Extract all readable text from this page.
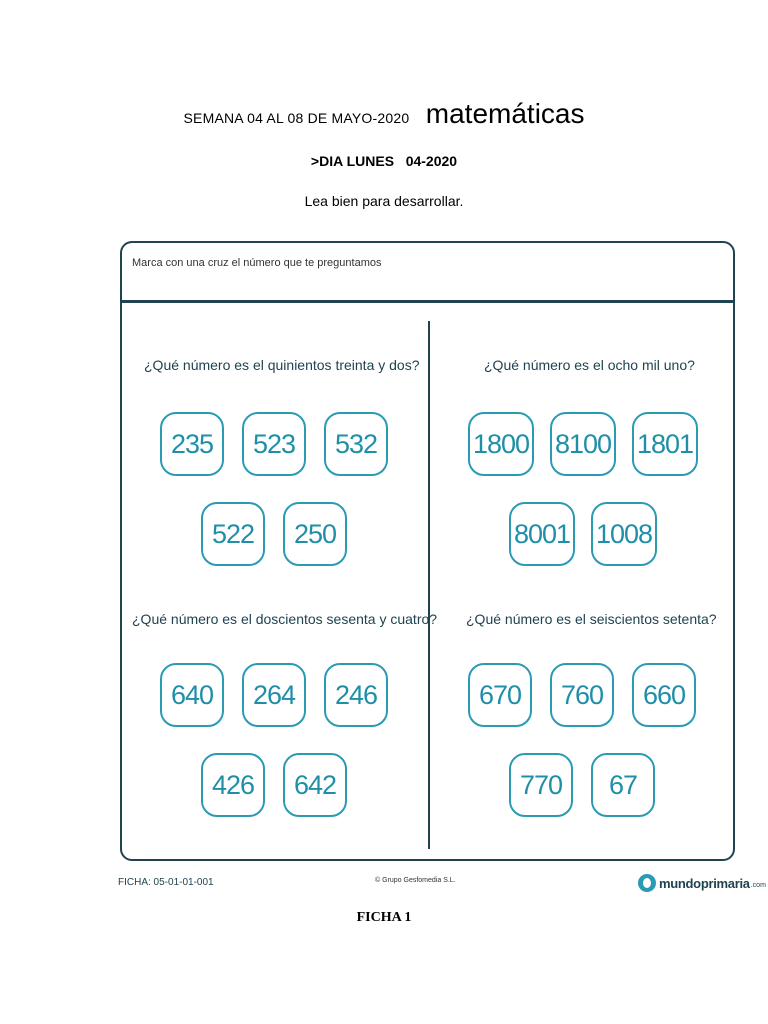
SEMANA 04 AL 08 DE MAYO-2020 matemáticas
>DIA LUNES   04-2020
Lea bien para desarrollar.
Marca con una cruz el número que te preguntamos
¿Qué número es el quinientos treinta y dos?
235	523	532
522	250
¿Qué número es el ocho mil uno?
1800 8100 1801
8001 1008
¿Qué número es el doscientos sesenta y cuatro?
640	264	246
426	642
¿Qué número es el seiscientos setenta?
670	760	660
770	67
FICHA: 05-01-01-001	© Grupo Gesfomedia S.L.	mundoprimaria .com
FICHA 1
